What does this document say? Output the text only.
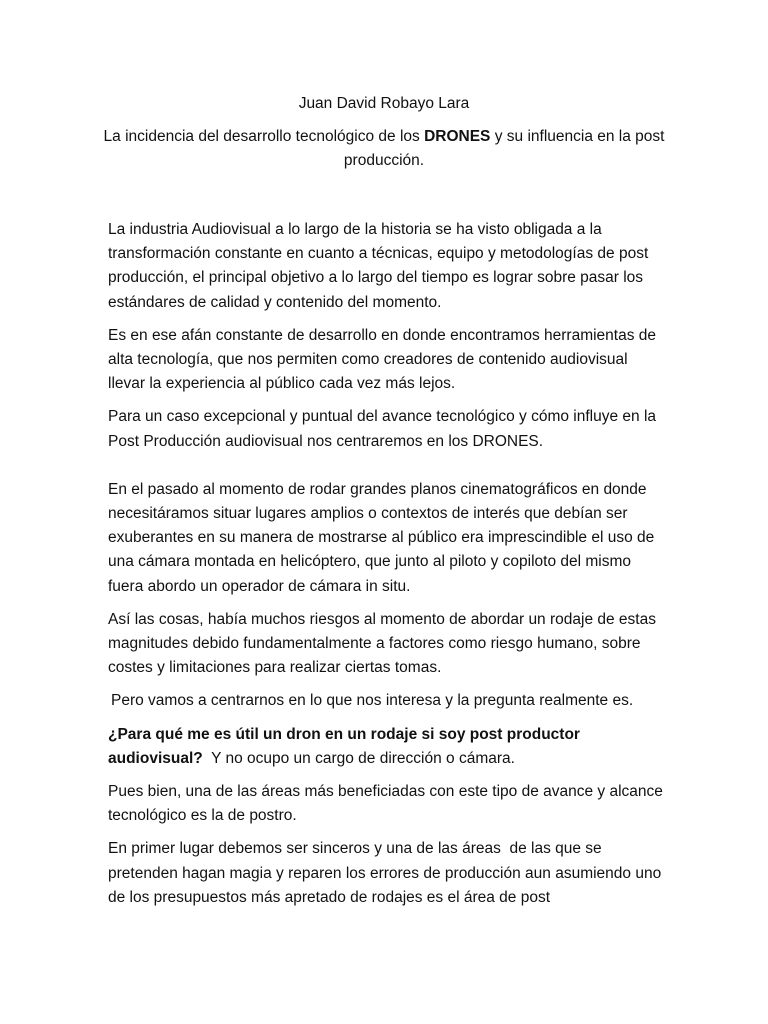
Juan David Robayo Lara
La incidencia del desarrollo tecnológico de los DRONES y su influencia en la post producción.

La industria Audiovisual a lo largo de la historia se ha visto obligada a la transformación constante en cuanto a técnicas, equipo y metodologías de post producción, el principal objetivo a lo largo del tiempo es lograr sobre pasar los estándares de calidad y contenido del momento.

Es en ese afán constante de desarrollo en donde encontramos herramientas de alta tecnología, que nos permiten como creadores de contenido audiovisual llevar la experiencia al público cada vez más lejos.

Para un caso excepcional y puntual del avance tecnológico y cómo influye en la Post Producción audiovisual nos centraremos en los DRONES.

En el pasado al momento de rodar grandes planos cinematográficos en donde necesitáramos situar lugares amplios o contextos de interés que debían ser exuberantes en su manera de mostrarse al público era imprescindible el uso de una cámara montada en helicóptero, que junto al piloto y copiloto del mismo fuera abordo un operador de cámara in situ.

Así las cosas, había muchos riesgos al momento de abordar un rodaje de estas magnitudes debido fundamentalmente a factores como riesgo humano, sobre costes y limitaciones para realizar ciertas tomas.

Pero vamos a centrarnos en lo que nos interesa y la pregunta realmente es.

¿Para qué me es útil un dron en un rodaje si soy post productor audiovisual?  Y no ocupo un cargo de dirección o cámara.

Pues bien, una de las áreas más beneficiadas con este tipo de avance y alcance tecnológico es la de postro.

En primer lugar debemos ser sinceros y una de las áreas  de las que se pretenden hagan magia y reparen los errores de producción aun asumiendo uno de los presupuestos más apretado de rodajes es el área de post
